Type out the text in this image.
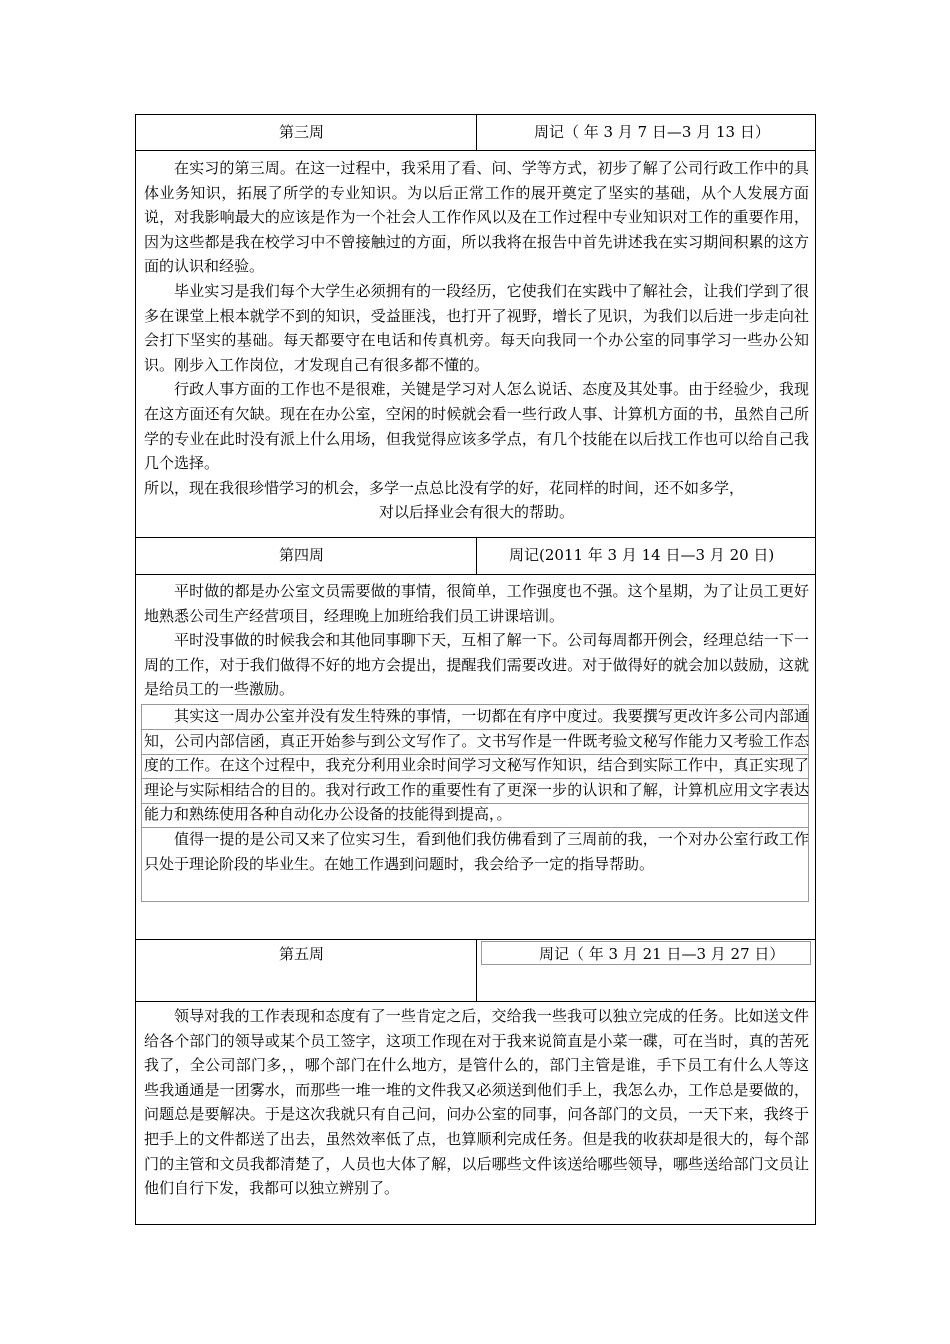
第三周	周记（ 年 3 月 7 日—3 月 13 日）

在实习的第三周。在这一过程中，我采用了看、问、学等方式，初步了解了公司行政工作中的具体业务知识，拓展了所学的专业知识。为以后正常工作的展开奠定了坚实的基础，从个人发展方面说，对我影响最大的应该是作为一个社会人工作作风以及在工作过程中专业知识对工作的重要作用，因为这些都是我在校学习中不曾接触过的方面，所以我将在报告中首先讲述我在实习期间积累的这方面的认识和经验。

毕业实习是我们每个大学生必须拥有的一段经历，它使我们在实践中了解社会，让我们学到了很多在课堂上根本就学不到的知识，受益匪浅，也打开了视野，增长了见识，为我们以后进一步走向社会打下坚实的基础。每天都要守在电话和传真机旁。每天向我同一个办公室的同事学习一些办公知识。刚步入工作岗位，才发现自己有很多都不懂的。

行政人事方面的工作也不是很难，关键是学习对人怎么说话、态度及其处事。由于经验少，我现在这方面还有欠缺。现在在办公室，空闲的时候就会看一些行政人事、计算机方面的书，虽然自己所学的专业在此时没有派上什么用场，但我觉得应该多学点，有几个技能在以后找工作也可以给自己我几个选择。

所以，现在我很珍惜学习的机会，多学一点总比没有学的好，花同样的时间，还不如多学，

对以后择业会有很大的帮助。

第四周	周记(2011 年 3 月 14 日—3 月 20 日)

平时做的都是办公室文员需要做的事情，很简单，工作强度也不强。这个星期，为了让员工更好地熟悉公司生产经营项目，经理晚上加班给我们员工讲课培训。

平时没事做的时候我会和其他同事聊下天，互相了解一下。公司每周都开例会，经理总结一下一周的工作，对于我们做得不好的地方会提出，提醒我们需要改进。对于做得好的就会加以鼓励，这就是给员工的一些激励。

其实这一周办公室并没有发生特殊的事情，一切都在有序中度过。我要撰写更改许多公司内部通知，公司内部信函，真正开始参与到公文写作了。文书写作是一件既考验文秘写作能力又考验工作态度的工作。在这个过程中，我充分利用业余时间学习文秘写作知识，结合到实际工作中，真正实现了理论与实际相结合的目的。我对行政工作的重要性有了更深一步的认识和了解，计算机应用文字表达能力和熟练使用各种自动化办公设备的技能得到提高，。

值得一提的是公司又来了位实习生，看到他们我仿佛看到了三周前的我，一个对办公室行政工作只处于理论阶段的毕业生。在她工作遇到问题时，我会给予一定的指导帮助。

第五周	周记（ 年 3 月 21 日—3 月 27 日）

领导对我的工作表现和态度有了一些肯定之后，交给我一些我可以独立完成的任务。比如送文件给各个部门的领导或某个员工签字，这项工作现在对于我来说简直是小菜一碟，可在当时，真的苦死我了，全公司部门多，，哪个部门在什么地方，是管什么的，部门主管是谁，手下员工有什么人等这些我通通是一团雾水，而那些一堆一堆的文件我又必须送到他们手上，我怎么办，工作总是要做的，问题总是要解决。于是这次我就只有自己问，问办公室的同事，问各部门的文员，一天下来，我终于把手上的文件都送了出去，虽然效率低了点，也算顺利完成任务。但是我的收获却是很大的，每个部门的主管和文员我都清楚了，人员也大体了解，以后哪些文件该送给哪些领导，哪些送给部门文员让他们自行下发，我都可以独立辨别了。
